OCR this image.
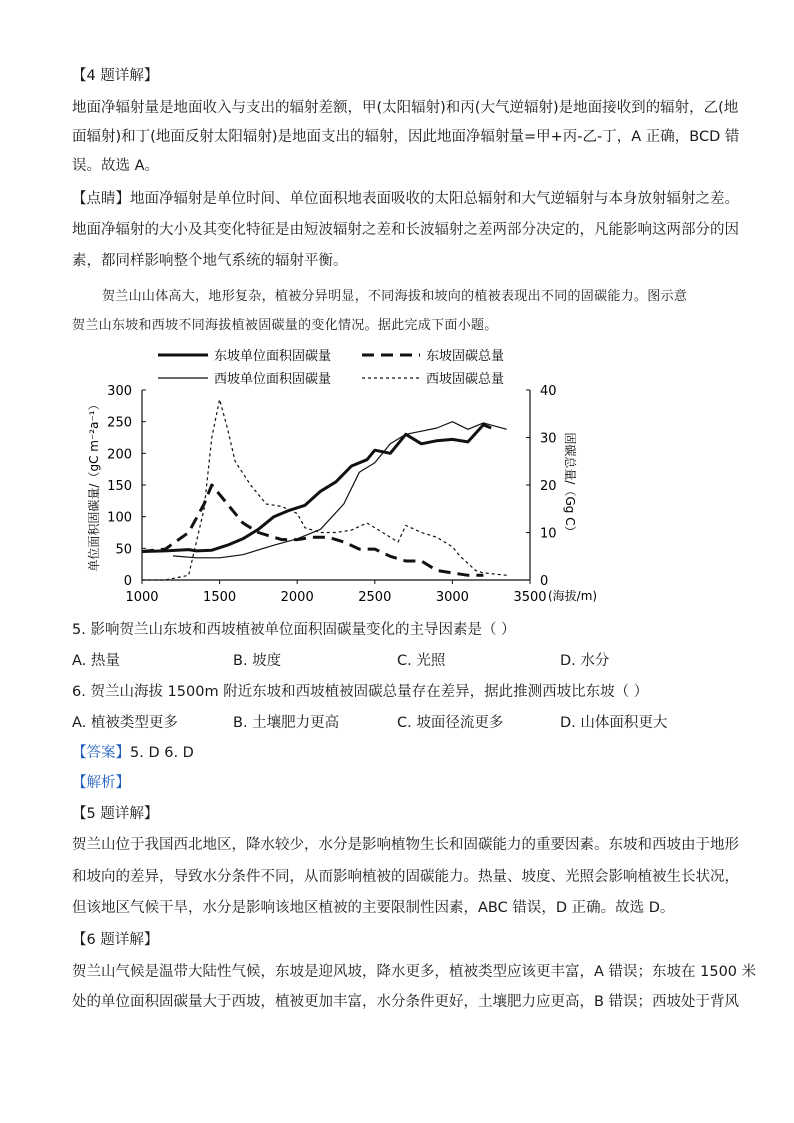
【4 题详解】
地面净辐射量是地面收入与支出的辐射差额，甲(太阳辐射)和丙(大气逆辐射)是地面接收到的辐射，乙(地
面辐射)和丁(地面反射太阳辐射)是地面支出的辐射，因此地面净辐射量=甲+丙-乙-丁，A 正确，BCD 错
误。故选 A。
【点睛】地面净辐射是单位时间、单位面积地表面吸收的太阳总辐射和大气逆辐射与本身放射辐射之差。
地面净辐射的大小及其变化特征是由短波辐射之差和长波辐射之差两部分决定的，凡能影响这两部分的因
素，都同样影响整个地气系统的辐射平衡。
贺兰山山体高大，地形复杂，植被分异明显，不同海拔和坡向的植被表现出不同的固碳能力。图示意
贺兰山东坡和西坡不同海拔植被固碳量的变化情况。据此完成下面小题。
东坡单位面积固碳量	东坡固碳总量
西坡单位面积固碳量	西坡固碳总量
1000	1500	2000	2500	3000	3500
0
50
100
150
200
250
300
0
10
20
30
40
单位面积固碳量/（gC m⁻²a⁻¹）	固碳总量/（Gg C）
(海拔/m)
5. 影响贺兰山东坡和西坡植被单位面积固碳量变化的主导因素是（ ）
A. 热量	B. 坡度	C. 光照	D. 水分
6. 贺兰山海拔 1500m 附近东坡和西坡植被固碳总量存在差异，据此推测西坡比东坡（ ）
A. 植被类型更多	B. 土壤肥力更高	C. 坡面径流更多	D. 山体面积更大
【答案】5. D 6. D
【解析】
【5 题详解】
贺兰山位于我国西北地区，降水较少，水分是影响植物生长和固碳能力的重要因素。东坡和西坡由于地形
和坡向的差异，导致水分条件不同，从而影响植被的固碳能力。热量、坡度、光照会影响植被生长状况，
但该地区气候干旱，水分是影响该地区植被的主要限制性因素，ABC 错误，D 正确。故选 D。
【6 题详解】
贺兰山气候是温带大陆性气候，东坡是迎风坡，降水更多，植被类型应该更丰富，A 错误；东坡在 1500 米
处的单位面积固碳量大于西坡，植被更加丰富，水分条件更好，土壤肥力应更高，B 错误；西坡处于背风
